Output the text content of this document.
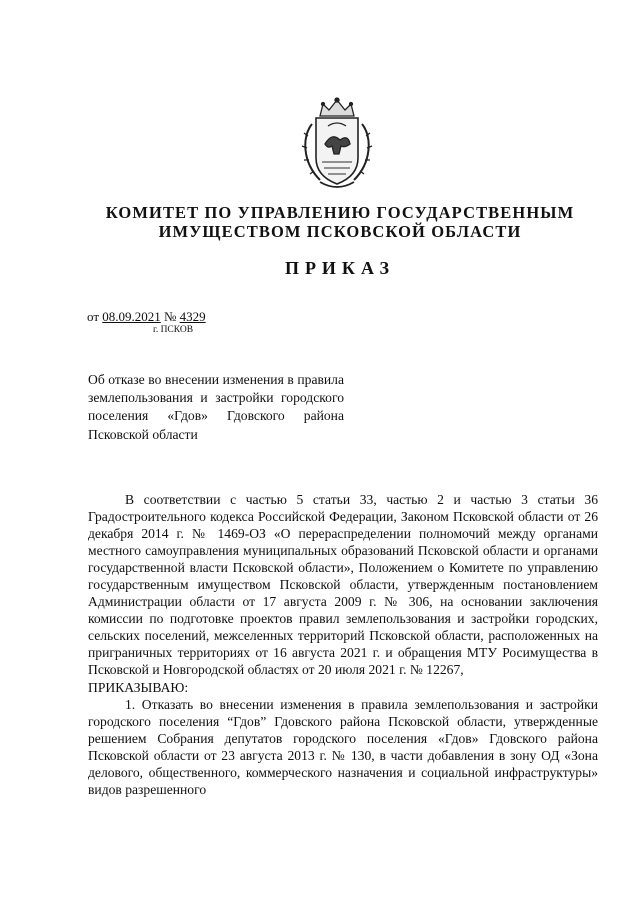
КОМИТЕТ ПО УПРАВЛЕНИЮ ГОСУДАРСТВЕННЫМ
ИМУЩЕСТВОМ ПСКОВСКОЙ ОБЛАСТИ
ПРИКАЗ
от 08.09.2021 № 4329
г. ПСКОВ
Об отказе во внесении изменения в правила землепользования и застройки городского поселения «Гдов» Гдовского района Псковской области

В соответствии с частью 5 статьи 33, частью 2 и частью 3 статьи 36 Градостроительного кодекса Российской Федерации, Законом Псковской области от 26 декабря 2014 г. № 1469-ОЗ «О перераспределении полномочий между органами местного самоуправления муниципальных образований Псковской области и органами государственной власти Псковской области», Положением о Комитете по управлению государственным имуществом Псковской области, утвержденным постановлением Администрации области от 17 августа 2009 г. № 306, на основании заключения комиссии по подготовке проектов правил землепользования и застройки городских, сельских поселений, межселенных территорий Псковской области, расположенных на приграничных территориях от 16 августа 2021 г. и обращения МТУ Росимущества в Псковской и Новгородской областях от 20 июля 2021 г. № 12267,

ПРИКАЗЫВАЮ:

1. Отказать во внесении изменения в правила землепользования и застройки городского поселения “Гдов” Гдовского района Псковской области, утвержденные решением Собрания депутатов городского поселения «Гдов» Гдовского района Псковской области от 23 августа 2013 г. № 130, в части добавления в зону ОД «Зона делового, общественного, коммерческого назначения и социальной инфраструктуры» видов разрешенного
